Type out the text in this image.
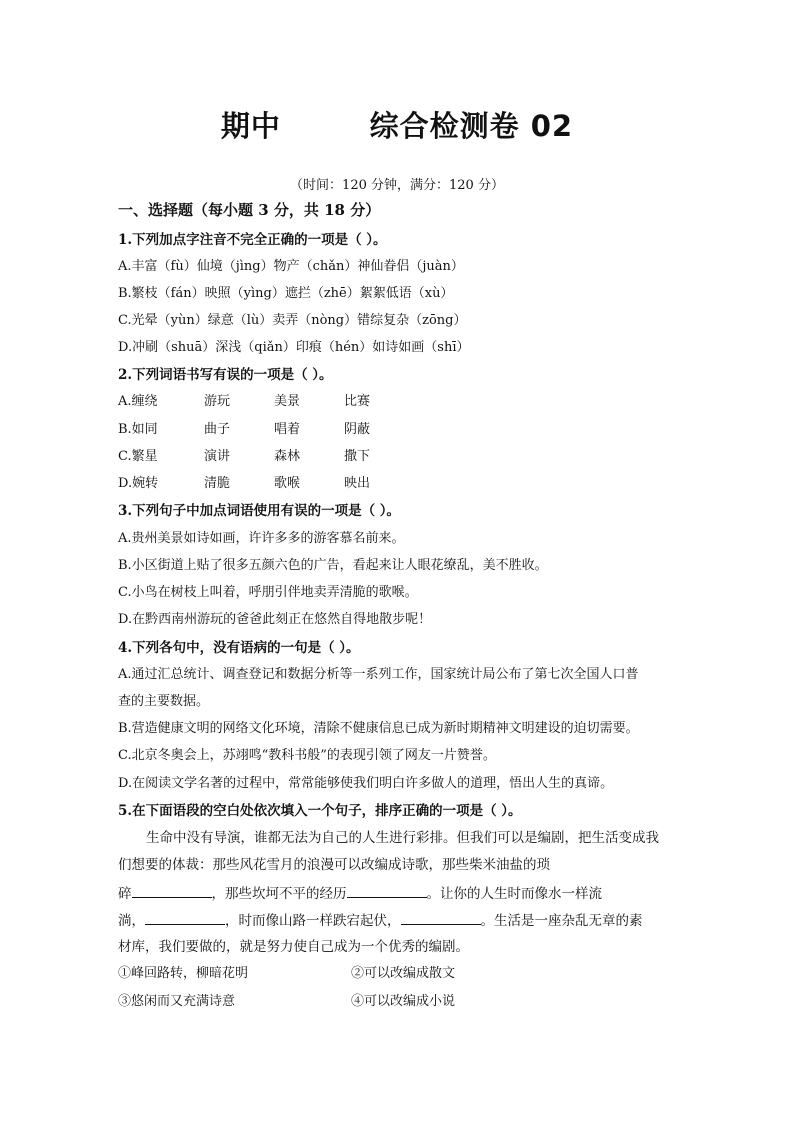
期中        综合检测卷 02
（时间：120 分钟，满分：120 分）
一、选择题（每小题 3 分，共 18 分）
1.下列加点字注音不完全正确的一项是（ ）。
A.丰富（fù）仙境（jìng）物产（chǎn）神仙眷侣（juàn）
B.繁枝（fán）映照（yìng）遮拦（zhē）絮絮低语（xù）
C.光晕（yùn）绿意（lù）卖弄（nòng）错综复杂（zōng）
D.冲刷（shuā）深浅（qiǎn）印痕（hén）如诗如画（shī）
2.下列词语书写有误的一项是（ ）。
A.缠绕	游玩	美景	比赛
B.如同	曲子	唱着	阴蔽
C.繁星	演讲	森林	撒下
D.婉转	清脆	歌喉	映出
3.下列句子中加点词语使用有误的一项是（ ）。
A.贵州美景如诗如画，许许多多的游客慕名前来。
B.小区街道上贴了很多五颜六色的广告，看起来让人眼花缭乱，美不胜收。
C.小鸟在树枝上叫着，呼朋引伴地卖弄清脆的歌喉。
D.在黔西南州游玩的爸爸此刻正在悠然自得地散步呢！
4.下列各句中，没有语病的一句是（ ）。
A.通过汇总统计、调查登记和数据分析等一系列工作，国家统计局公布了第七次全国人口普
查的主要数据。
B.营造健康文明的网络文化环境，清除不健康信息已成为新时期精神文明建设的迫切需要。
C.北京冬奥会上，苏翊鸣“教科书般”的表现引领了网友一片赞誉。
D.在阅读文学名著的过程中，常常能够使我们明白许多做人的道理，悟出人生的真谛。
5.在下面语段的空白处依次填入一个句子，排序正确的一项是（ ）。
生命中没有导演，谁都无法为自己的人生进行彩排。但我们可以是编剧，把生活变成我
们想要的体裁：那些风花雪月的浪漫可以改编成诗歌，那些柴米油盐的琐
碎	，那些坎坷不平的经历	。让你的人生时而像水一样流
淌，	，时而像山路一样跌宕起伏，	。生活是一座杂乱无章的素
材库，我们要做的，就是努力使自己成为一个优秀的编剧。
①峰回路转，柳暗花明	②可以改编成散文
③悠闲而又充满诗意	④可以改编成小说
